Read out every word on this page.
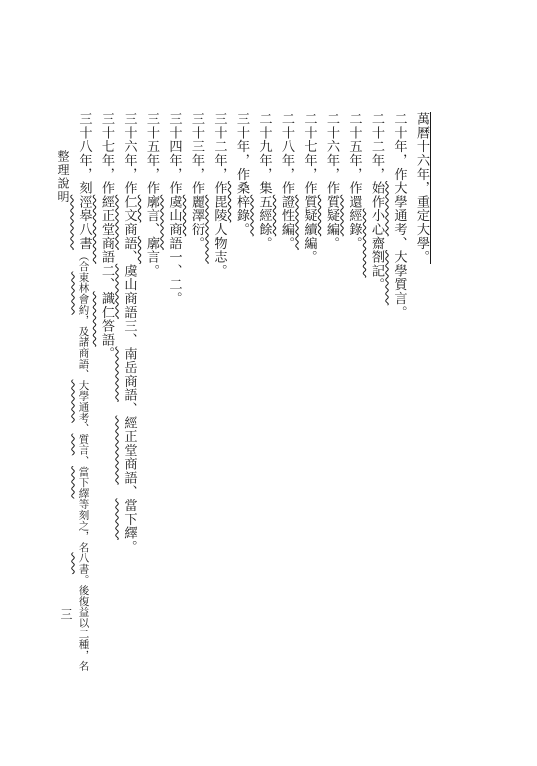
整理說明
三
萬曆十六年，重定大學。
二十年，作大學通考、大學質言。
二十二年，始作小心齋劄記。
二十五年，作還經錄。
二十六年，作質疑編。
二十七年，作質疑續編。
二十八年，作證性編。
二十九年，集五經餘。
三十年，作桑梓錄。
三十二年，作毘陵人物志。
三十三年，作麗澤衍。
三十四年，作虞山商語一、二。
三十五年，作廓言、廓言。
三十六年，作仁文商語、虞山商語三、南岳商語、經正堂商語、當下繹。
三十七年，作經正堂商語二、識仁答語。
三十八年，刻涇皋八書（合東林會約，及諸商語、大學通考、質言、當下繹等刻之，名八書。後復益以二種，名
